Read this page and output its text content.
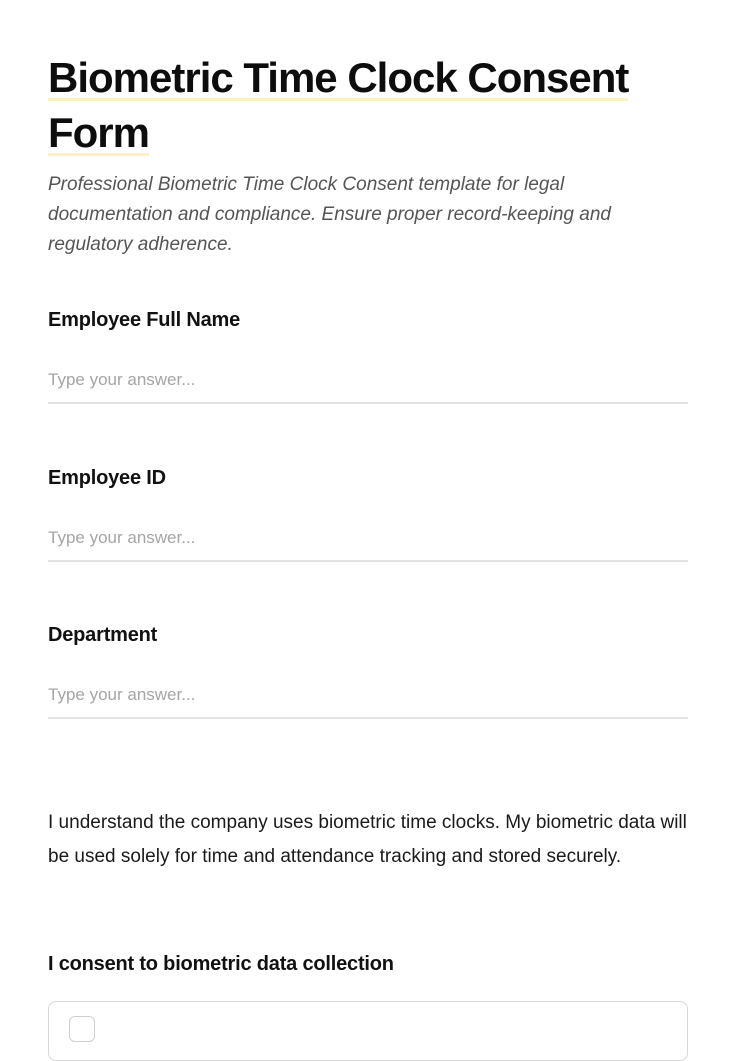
Biometric Time Clock Consent Form

Professional Biometric Time Clock Consent template for legal documentation and compliance. Ensure proper record-keeping and regulatory adherence.

Employee Full Name

Type your answer...

Employee ID

Type your answer...

Department

Type your answer...

I understand the company uses biometric time clocks. My biometric data will be used solely for time and attendance tracking and stored securely.

I consent to biometric data collection
